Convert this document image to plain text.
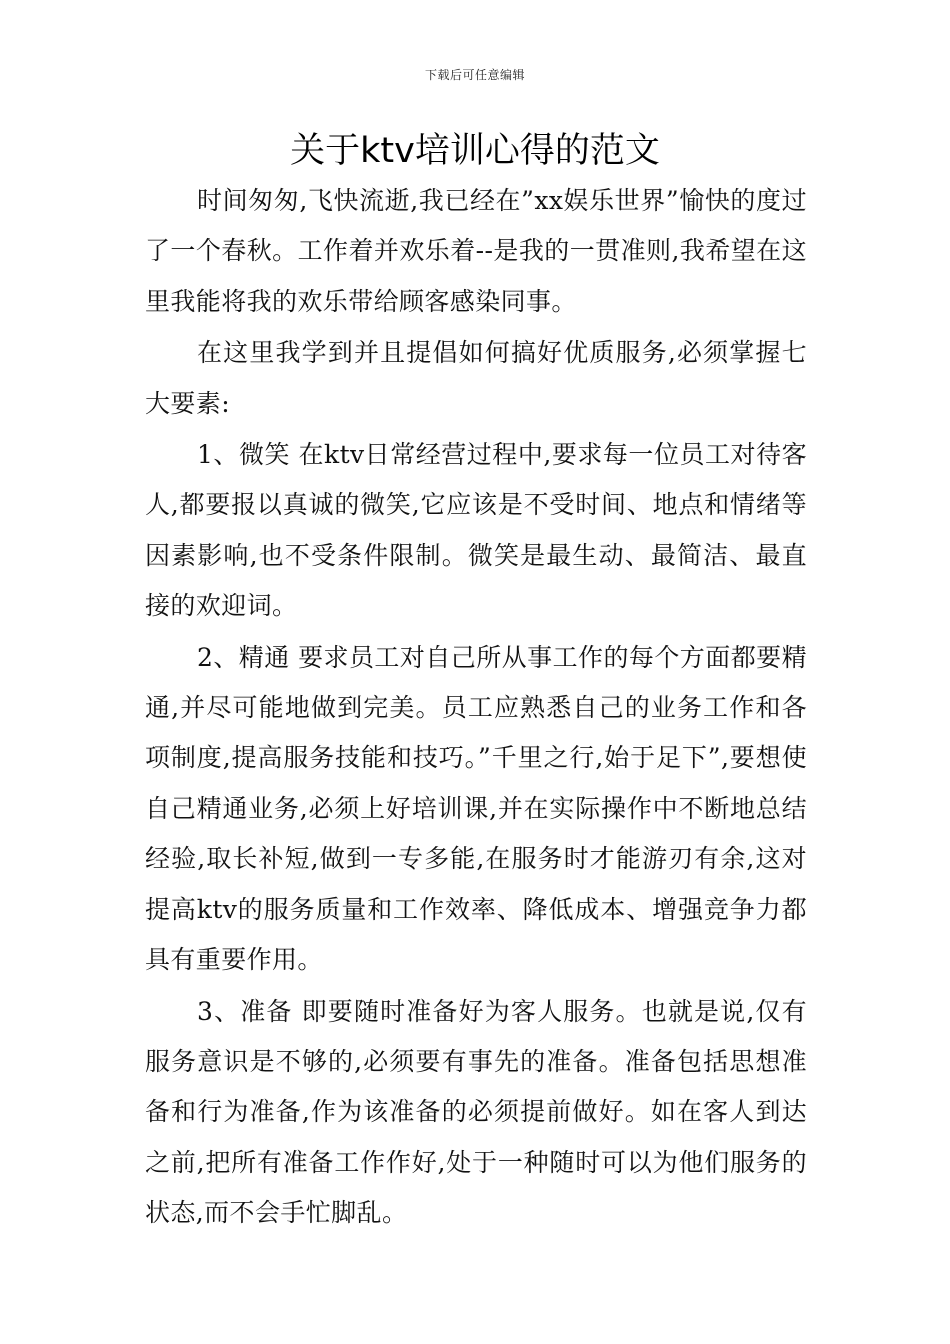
下载后可任意编辑
关于ktv培训心得的范文

时间匆匆,飞快流逝,我已经在”xx娱乐世界”愉快的度过了一个春秋。工作着并欢乐着--是我的一贯准则,我希望在这里我能将我的欢乐带给顾客感染同事。

在这里我学到并且提倡如何搞好优质服务,必须掌握七大要素:

1、微笑 在ktv日常经营过程中,要求每一位员工对待客人,都要报以真诚的微笑,它应该是不受时间、地点和情绪等因素影响,也不受条件限制。微笑是最生动、最简洁、最直接的欢迎词。

2、精通 要求员工对自己所从事工作的每个方面都要精通,并尽可能地做到完美。员工应熟悉自己的业务工作和各项制度,提高服务技能和技巧。”千里之行,始于足下”,要想使自己精通业务,必须上好培训课,并在实际操作中不断地总结经验,取长补短,做到一专多能,在服务时才能游刃有余,这对提高ktv的服务质量和工作效率、降低成本、增强竞争力都具有重要作用。

3、准备 即要随时准备好为客人服务。也就是说,仅有服务意识是不够的,必须要有事先的准备。准备包括思想准备和行为准备,作为该准备的必须提前做好。如在客人到达之前,把所有准备工作作好,处于一种随时可以为他们服务的状态,而不会手忙脚乱。
